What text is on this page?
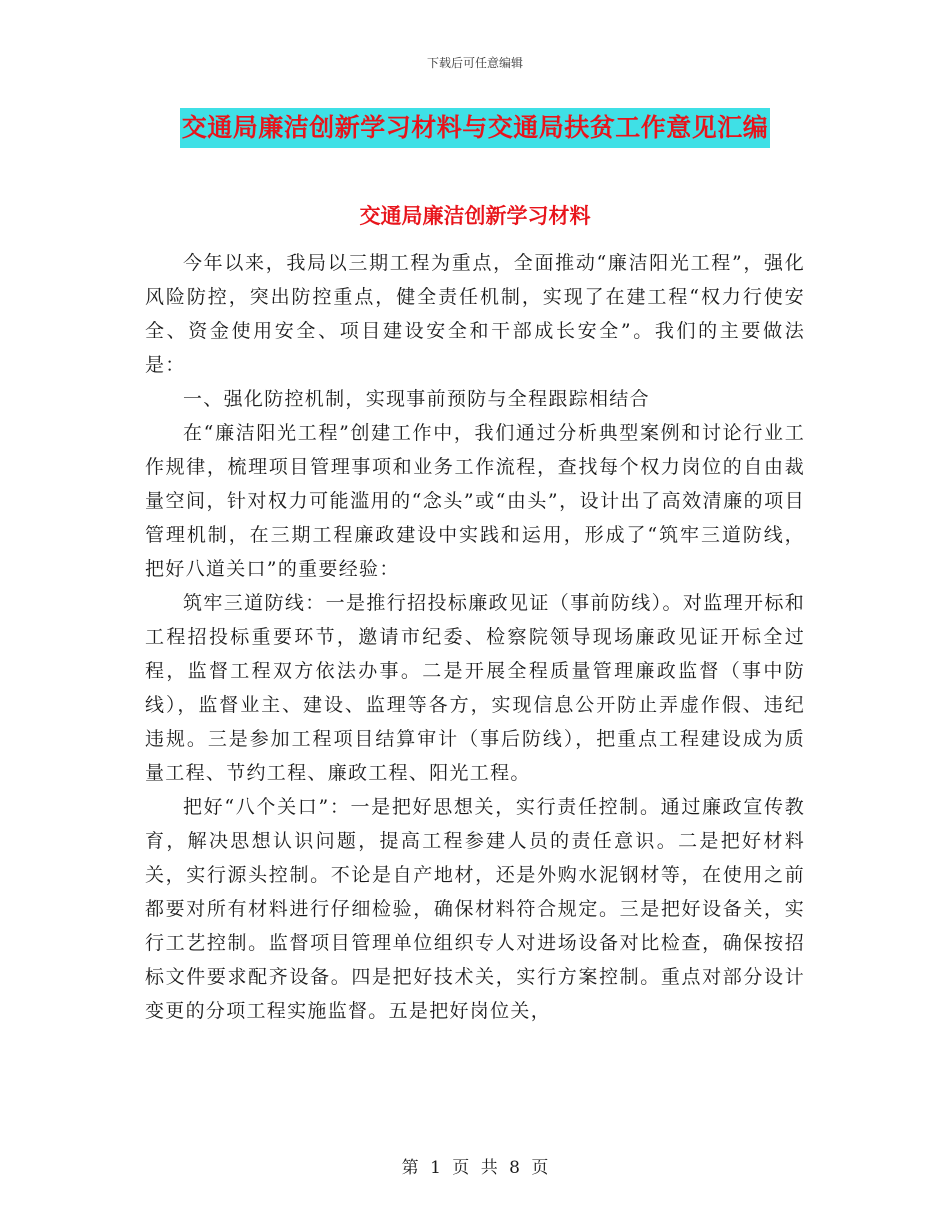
下载后可任意编辑
交通局廉洁创新学习材料与交通局扶贫工作意见汇编
交通局廉洁创新学习材料

今年以来，我局以三期工程为重点，全面推动“廉洁阳光工程”，强化风险防控，突出防控重点，健全责任机制，实现了在建工程“权力行使安全、资金使用安全、项目建设安全和干部成长安全”。我们的主要做法是：

一、强化防控机制，实现事前预防与全程跟踪相结合

在“廉洁阳光工程”创建工作中，我们通过分析典型案例和讨论行业工作规律，梳理项目管理事项和业务工作流程，查找每个权力岗位的自由裁量空间，针对权力可能滥用的“念头”或“由头”，设计出了高效清廉的项目管理机制，在三期工程廉政建设中实践和运用，形成了“筑牢三道防线，把好八道关口”的重要经验：

筑牢三道防线：一是推行招投标廉政见证（事前防线）。对监理开标和工程招投标重要环节，邀请市纪委、检察院领导现场廉政见证开标全过程，监督工程双方依法办事。二是开展全程质量管理廉政监督（事中防线），监督业主、建设、监理等各方，实现信息公开防止弄虚作假、违纪违规。三是参加工程项目结算审计（事后防线），把重点工程建设成为质量工程、节约工程、廉政工程、阳光工程。

把好“八个关口”：一是把好思想关，实行责任控制。通过廉政宣传教育，解决思想认识问题，提高工程参建人员的责任意识。二是把好材料关，实行源头控制。不论是自产地材，还是外购水泥钢材等，在使用之前都要对所有材料进行仔细检验，确保材料符合规定。三是把好设备关，实行工艺控制。监督项目管理单位组织专人对进场设备对比检查，确保按招标文件要求配齐设备。四是把好技术关，实行方案控制。重点对部分设计变更的分项工程实施监督。五是把好岗位关，

第 1 页 共 8 页
